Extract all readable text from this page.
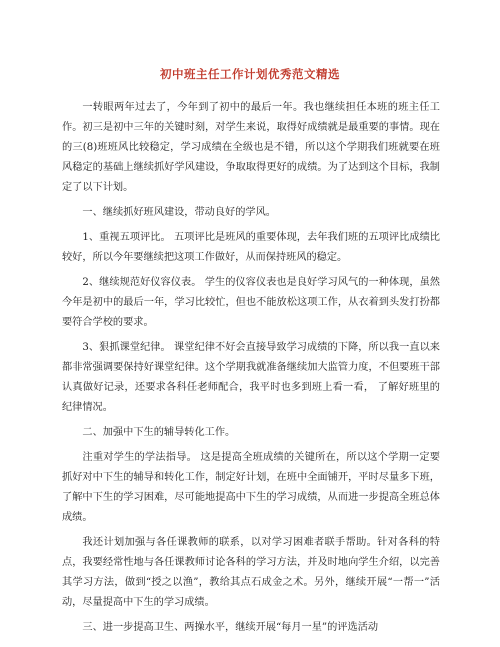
初中班主任工作计划优秀范文精选

一转眼两年过去了，今年到了初中的最后一年。我也继续担任本班的班主任工作。初三是初中三年的关键时刻，对学生来说，取得好成绩就是最重要的事情。现在的三(8)班班风比较稳定，学习成绩在全级也是不错，所以这个学期我们班就要在班风稳定的基础上继续抓好学风建设，争取取得更好的成绩。为了达到这个目标，我制定了以下计划。

一、继续抓好班风建设，带动良好的学风。

1、重视五项评比。 五项评比是班风的重要体现，去年我们班的五项评比成绩比较好，所以今年要继续把这项工作做好，从而保持班风的稳定。

2、继续规范好仪容仪表。 学生的仪容仪表也是良好学习风气的一种体现，虽然今年是初中的最后一年，学习比较忙，但也不能放松这项工作，从衣着到头发打扮都要符合学校的要求。

3、狠抓课堂纪律。 课堂纪律不好会直接导致学习成绩的下降，所以我一直以来都非常强调要保持好课堂纪律。这个学期我就准备继续加大监管力度，不但要班干部认真做好记录，还要求各科任老师配合，我平时也多到班上看一看， 了解好班里的纪律情况。

二、加强中下生的辅导转化工作。

注重对学生的学法指导。 这是提高全班成绩的关键所在，所以这个学期一定要抓好对中下生的辅导和转化工作，制定好计划，在班中全面铺开，平时尽量多下班，了解中下生的学习困难，尽可能地提高中下生的学习成绩，从而进一步提高全班总体成绩。

我还计划加强与各任课教师的联系，以对学习困难者联手帮助。针对各科的特点，我要经常性地与各任课教师讨论各科的学习方法，并及时地向学生介绍，以完善其学习方法，做到“授之以渔”，教给其点石成金之术。另外，继续开展“一帮一”活动，尽量提高中下生的学习成绩。

三、进一步提高卫生、两操水平，继续开展“每月一星”的评选活动
